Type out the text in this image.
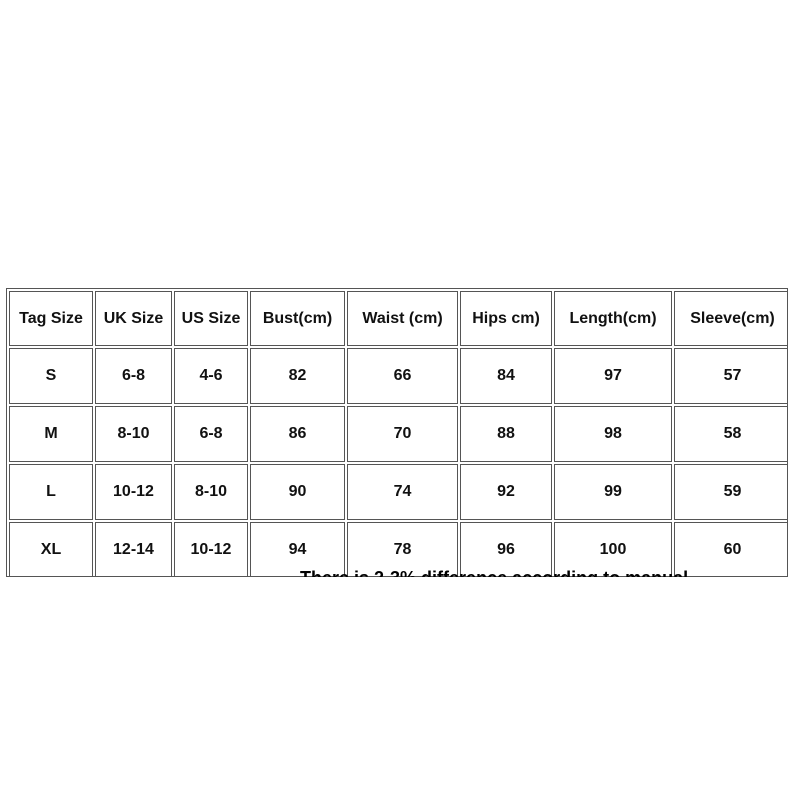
Tag Size	UK Size	US Size	Bust(cm)	Waist (cm)	Hips cm)	Length(cm)	Sleeve(cm)
S	6-8	4-6	82	66	84	97	57
M	8-10	6-8	86	70	88	98	58
L	10-12	8-10	90	74	92	99	59
XL	12-14	10-12	94	78	96	100	60
